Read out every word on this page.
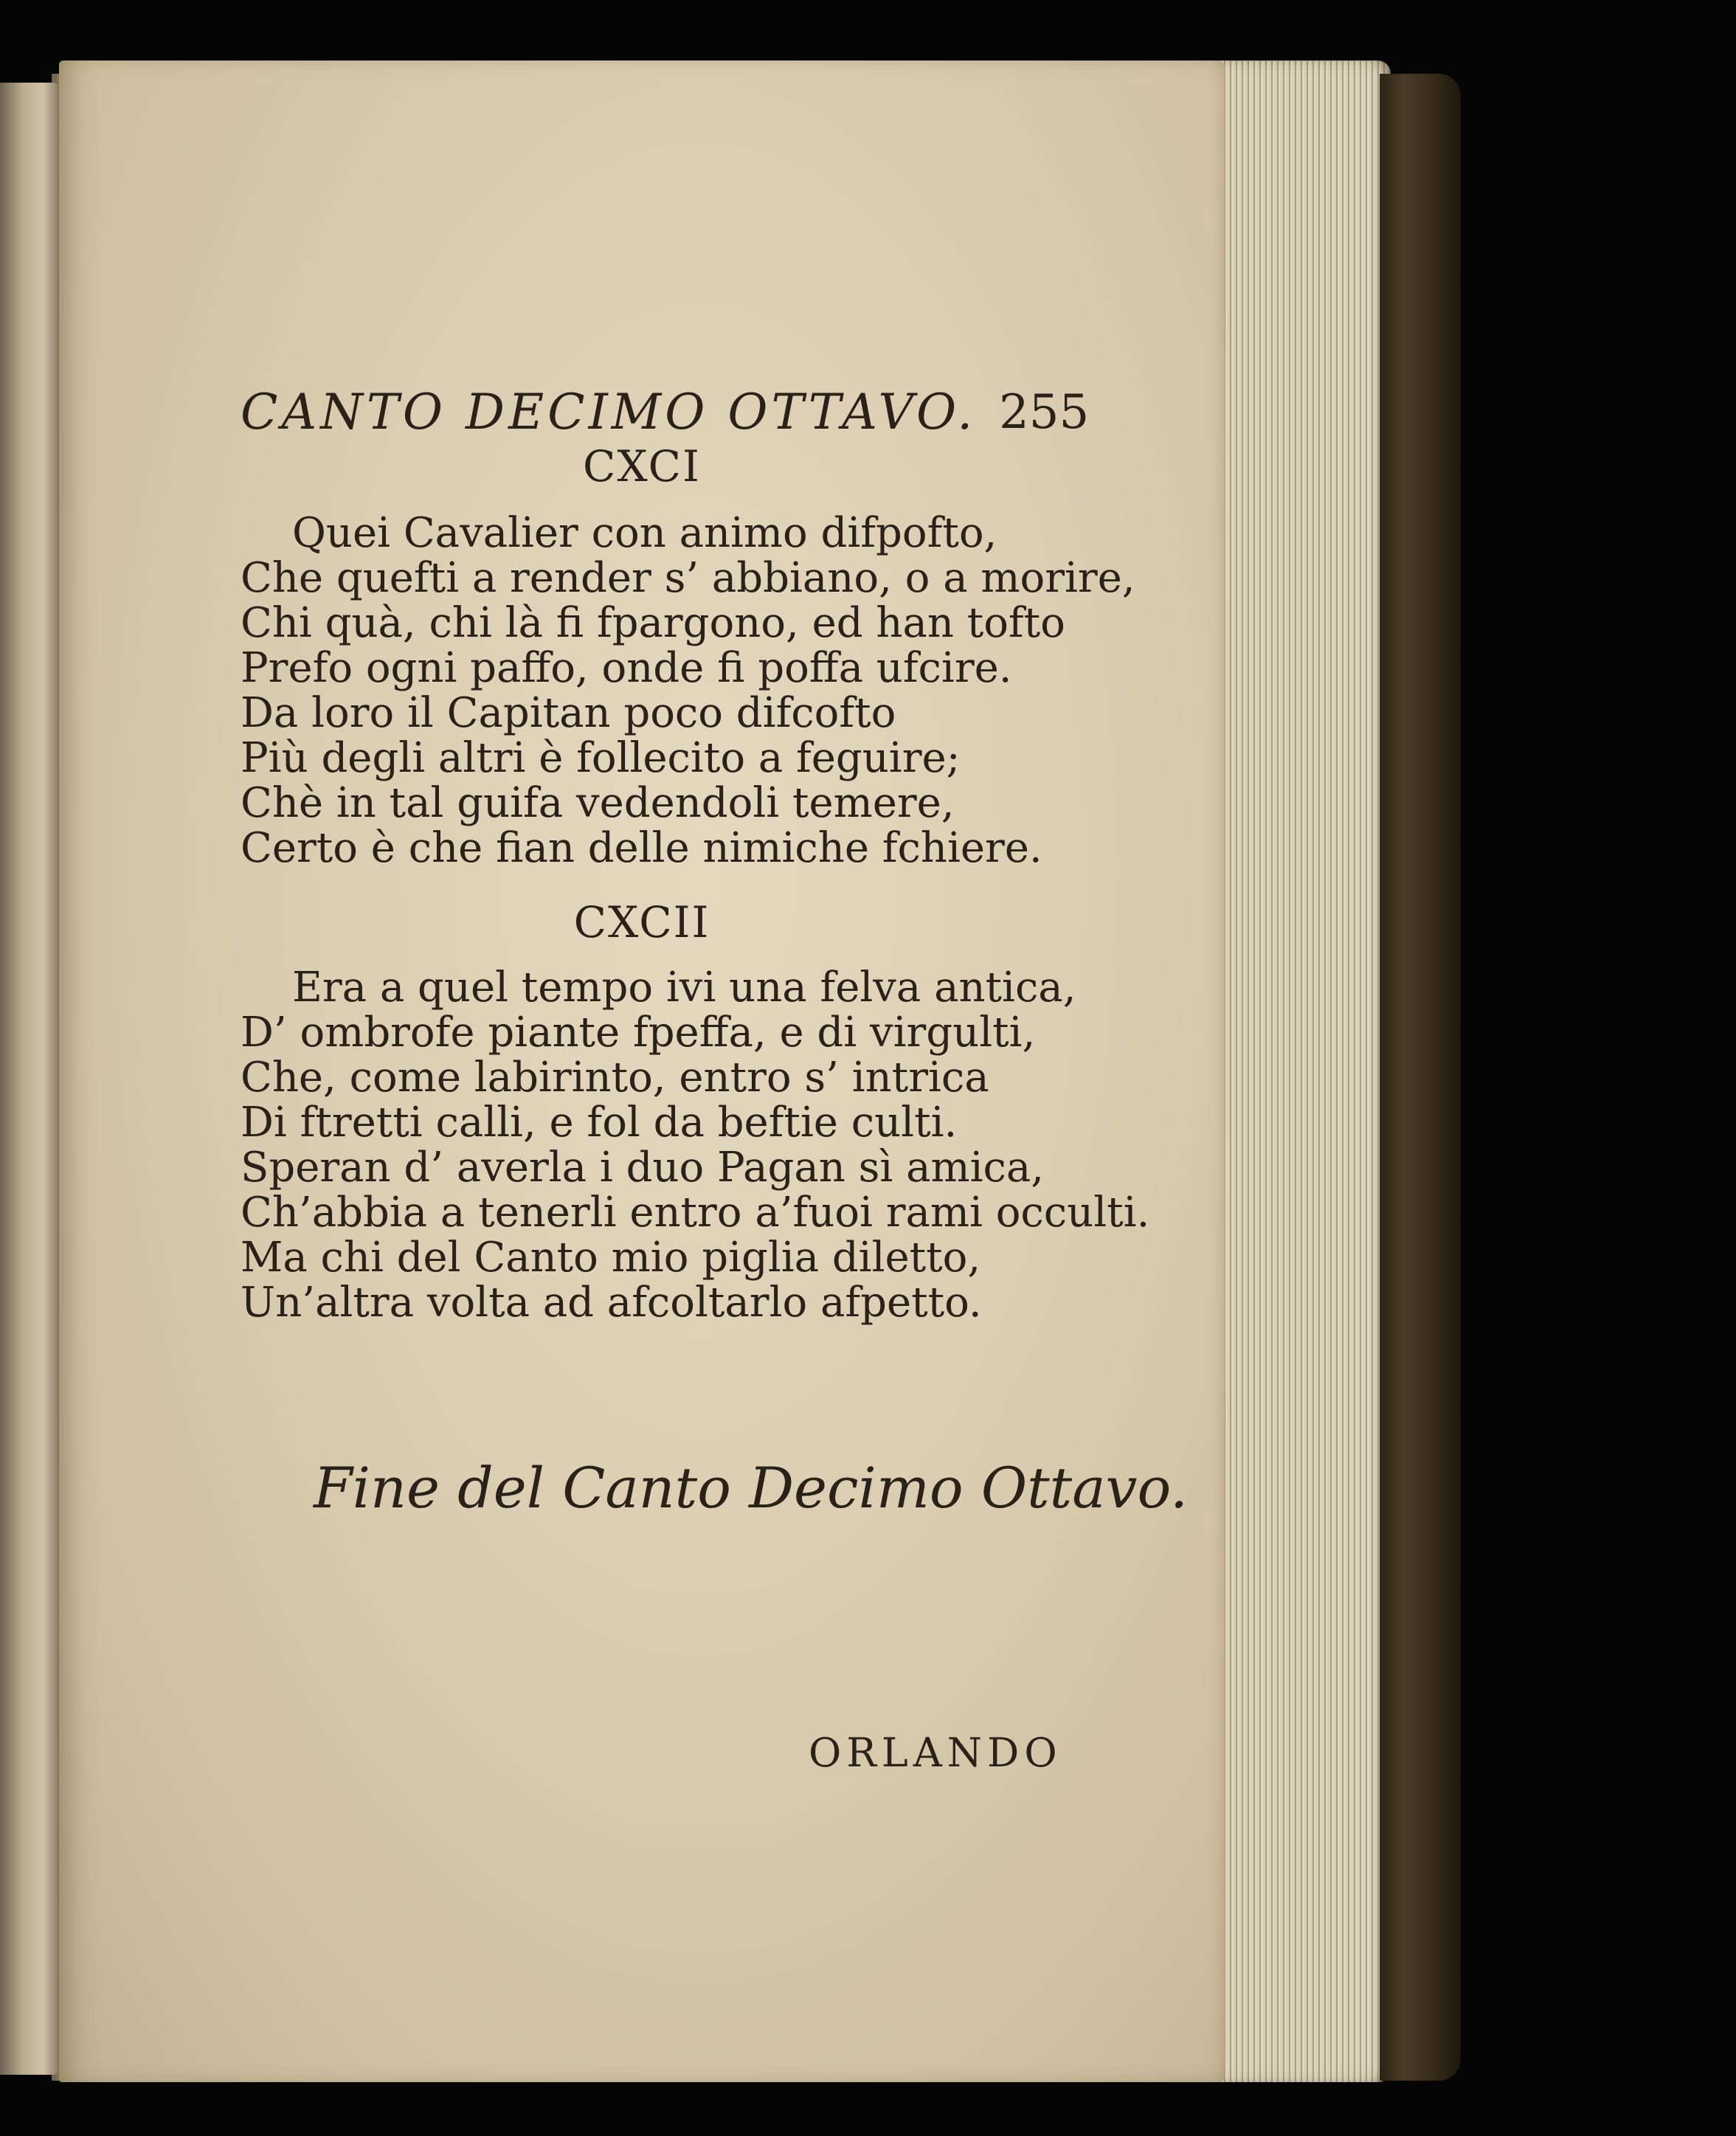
CANTO DECIMO OTTAVO. 255
CXCI
Quei Cavalier con animo difpofto,
Che quefti a render s’ abbiano, o a morire,
Chi quà, chi là fi fpargono, ed han tofto
Prefo ogni paffo, onde fi poffa ufcire.
Da loro il Capitan poco difcofto
Più degli altri è follecito a feguire;
Chè in tal guifa vedendoli temere,
Certo è che fian delle nimiche fchiere.
CXCII
Era a quel tempo ivi una felva antica,
D’ ombrofe piante fpeffa, e di virgulti,
Che, come labirinto, entro s’ intrica
Di ftretti calli, e fol da beftie culti.
Speran d’ averla i duo Pagan sì amica,
Ch’abbia a tenerli entro a’fuoi rami occulti.
Ma chi del Canto mio piglia diletto,
Un’altra volta ad afcoltarlo afpetto.
Fine del Canto Decimo Ottavo.
ORLANDO
